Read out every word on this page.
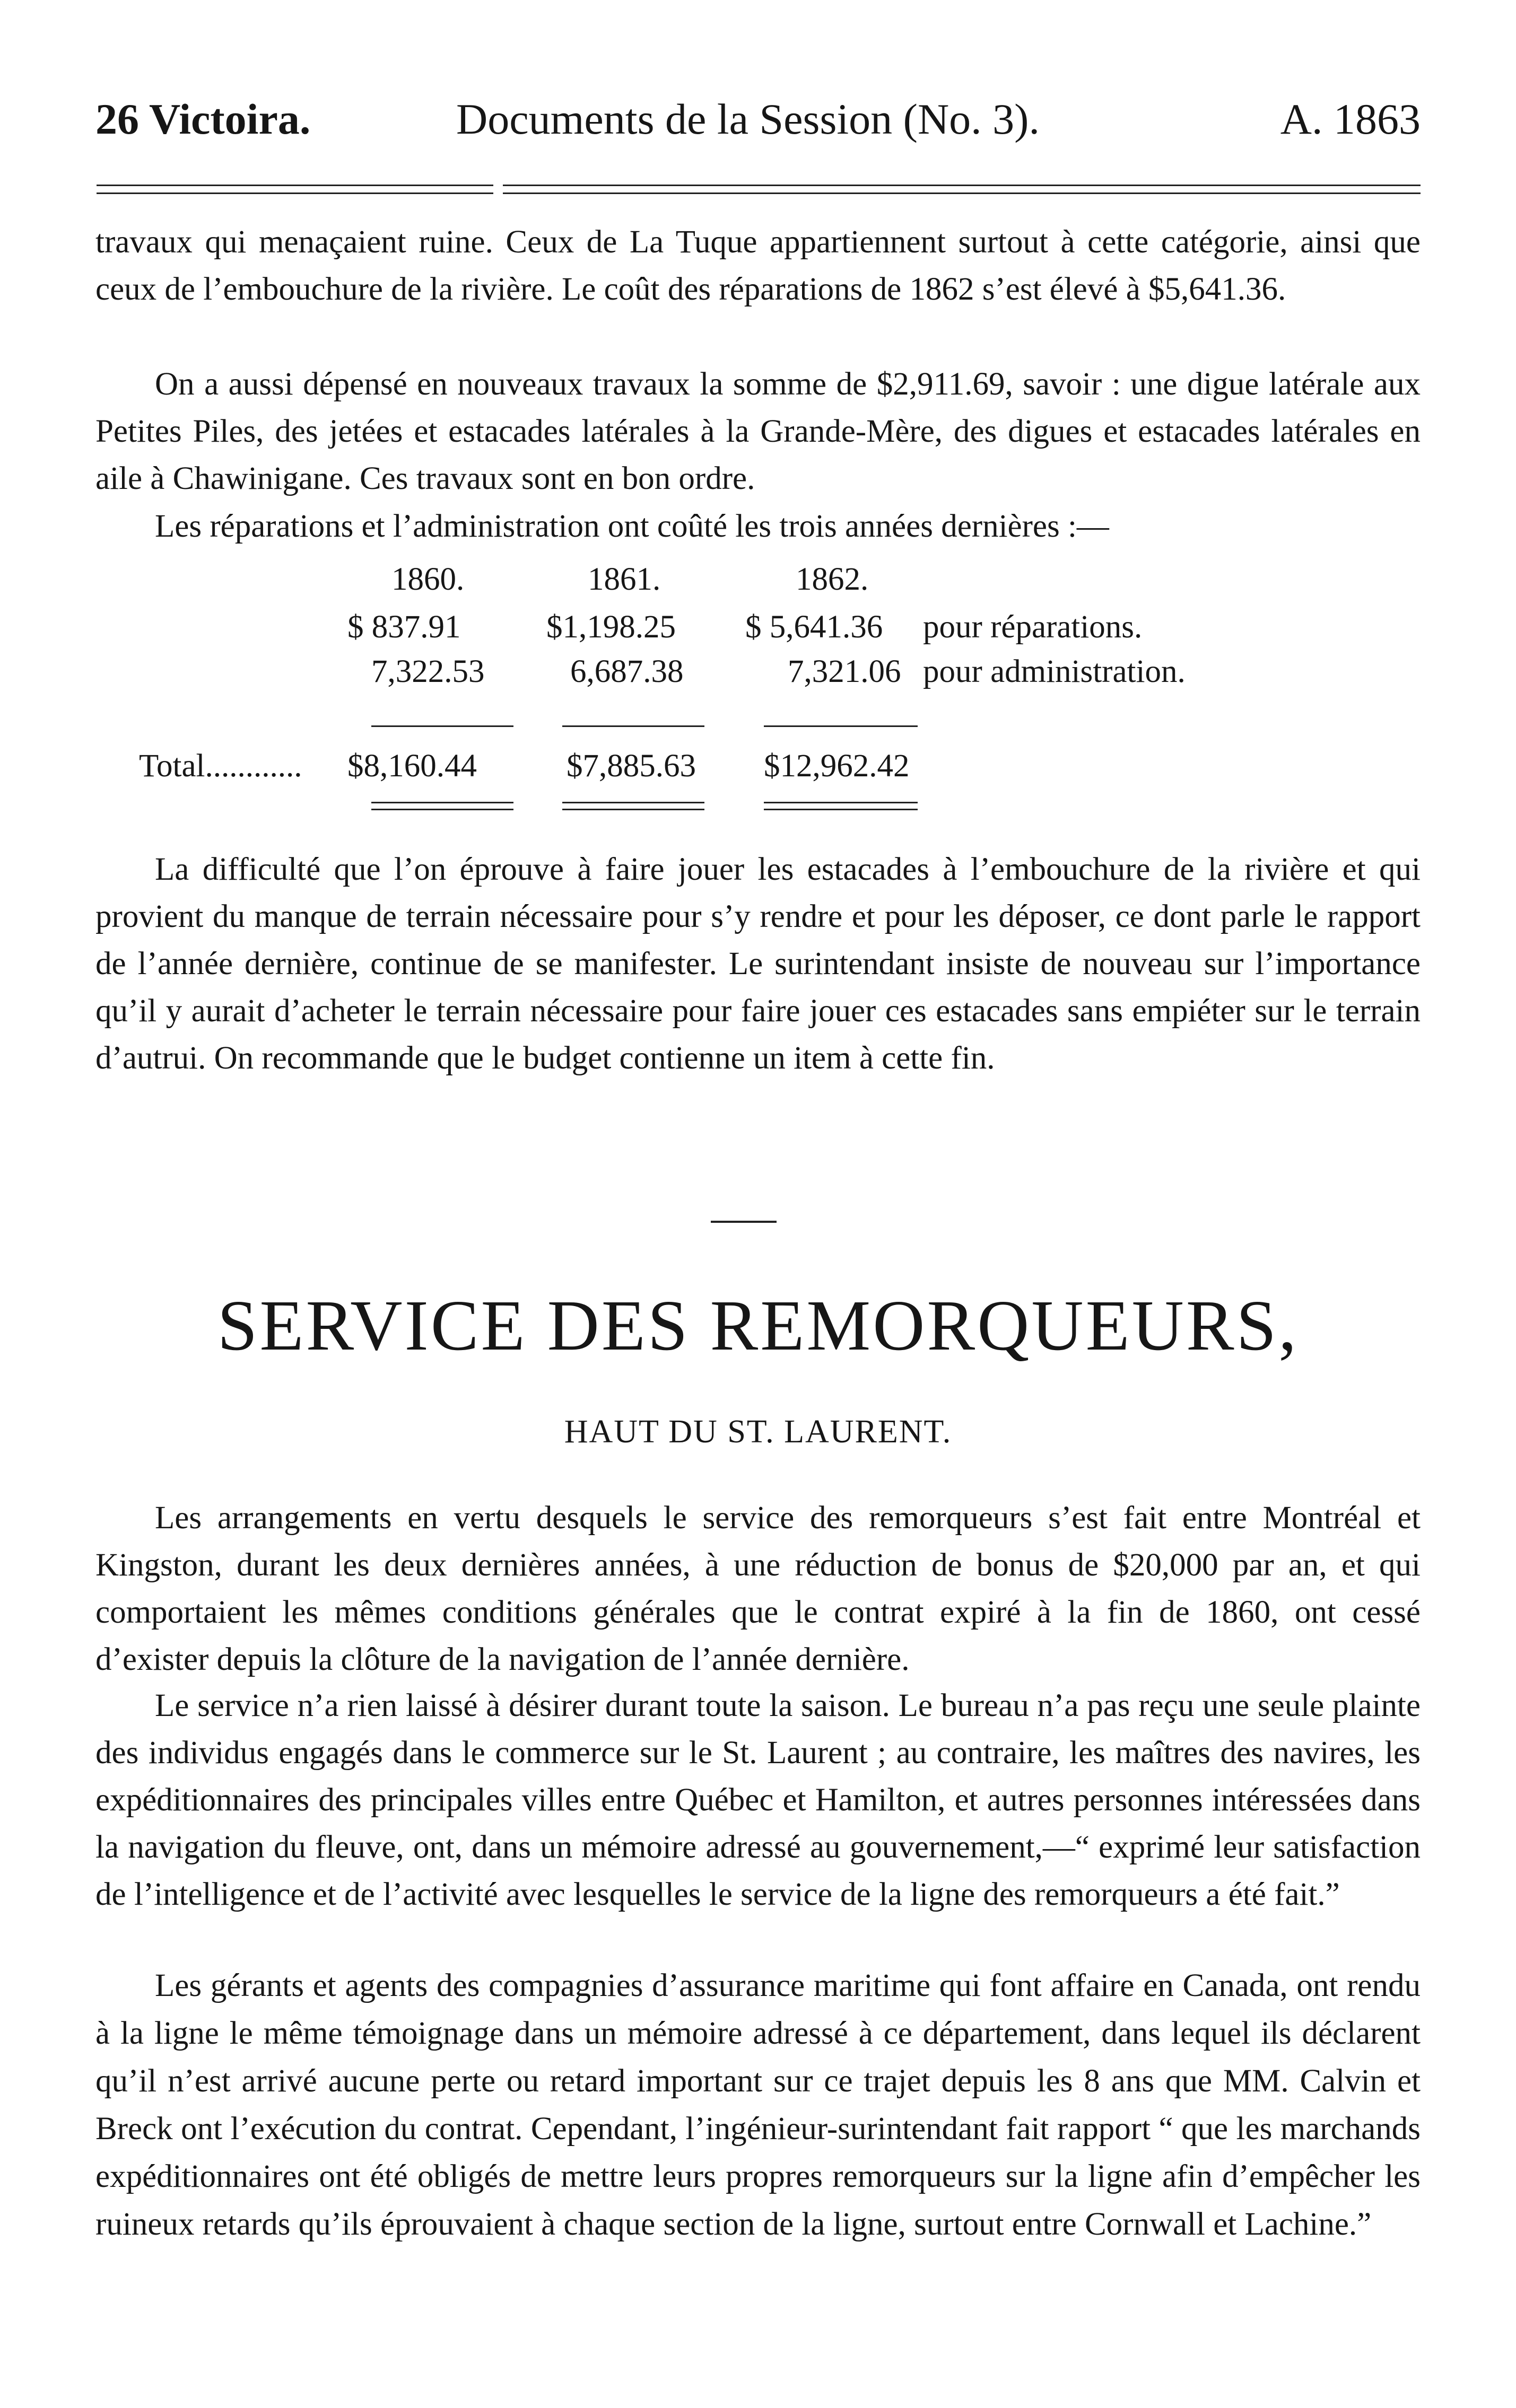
26 Victoira.	Documents de la Session (No. 3).	A. 1863
travaux qui menaçaient ruine. Ceux de La Tuque appartiennent surtout à cette catégorie, ainsi que ceux de l’embouchure de la rivière. Le coût des réparations de 1862 s’est élevé à $5,641.36.
On a aussi dépensé en nouveaux travaux la somme de $2,911.69, savoir : une digue latérale aux Petites Piles, des jetées et estacades latérales à la Grande-Mère, des digues et estacades latérales en aile à Chawinigane. Ces travaux sont en bon ordre.
Les réparations et l’administration ont coûté les trois années dernières :—
1860.	1861.	1862.
$ 837.91	$1,198.25 $ 5,641.36 pour réparations.
7,322.53	6,687.38	7,321.06 pour administration.
Total............ $8,160.44	$7,885.63 $12,962.42
La difficulté que l’on éprouve à faire jouer les estacades à l’embouchure de la rivière et qui provient du manque de terrain nécessaire pour s’y rendre et pour les déposer, ce dont parle le rapport de l’année dernière, continue de se manifester. Le surintendant insiste de nouveau sur l’importance qu’il y aurait d’acheter le terrain nécessaire pour faire jouer ces estacades sans empiéter sur le terrain d’autrui. On recommande que le budget contienne un item à cette fin.
SERVICE DES REMORQUEURS,
HAUT DU ST. LAURENT.
Les arrangements en vertu desquels le service des remorqueurs s’est fait entre Montréal et Kingston, durant les deux dernières années, à une réduction de bonus de $20,000 par an, et qui comportaient les mêmes conditions générales que le contrat expiré à la fin de 1860, ont cessé d’exister depuis la clôture de la navigation de l’année dernière.
Le service n’a rien laissé à désirer durant toute la saison. Le bureau n’a pas reçu une seule plainte des individus engagés dans le commerce sur le St. Laurent ; au contraire, les maîtres des navires, les expéditionnaires des principales villes entre Québec et Hamilton, et autres personnes intéressées dans la navigation du fleuve, ont, dans un mémoire adressé au gouvernement,—“ exprimé leur satisfaction de l’intelligence et de l’activité avec lesquelles le service de la ligne des remorqueurs a été fait.”
Les gérants et agents des compagnies d’assurance maritime qui font affaire en Canada, ont rendu à la ligne le même témoignage dans un mémoire adressé à ce département, dans lequel ils déclarent qu’il n’est arrivé aucune perte ou retard important sur ce trajet depuis les 8 ans que MM. Calvin et Breck ont l’exécution du contrat. Cependant, l’ingénieur-surintendant fait rapport “ que les marchands expéditionnaires ont été obligés de mettre leurs propres remorqueurs sur la ligne afin d’empêcher les ruineux retards qu’ils éprouvaient à chaque section de la ligne, surtout entre Cornwall et Lachine.”
